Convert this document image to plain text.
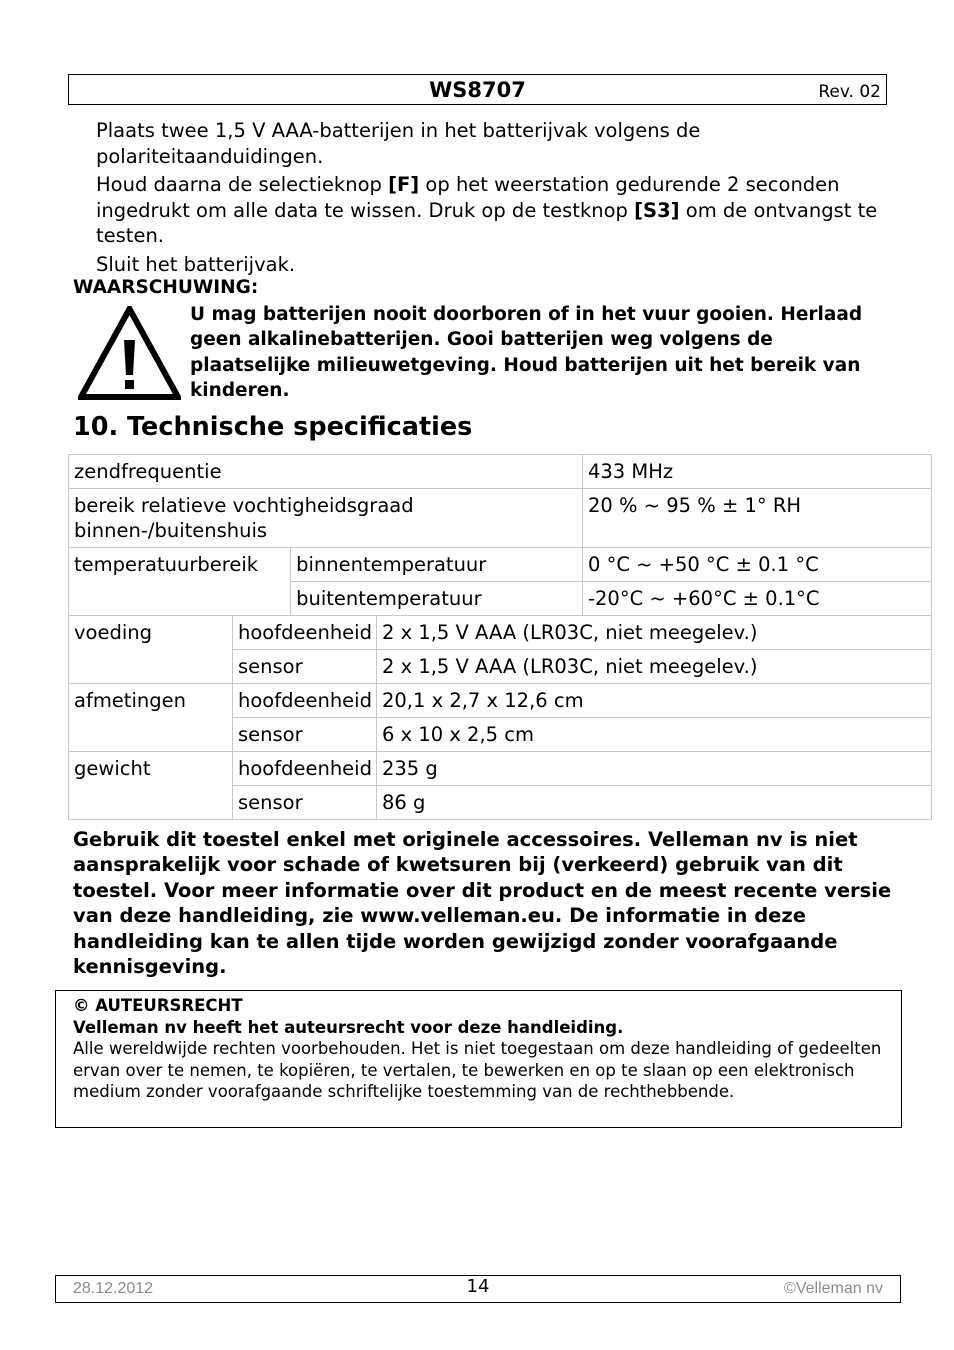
WS8707	Rev. 02
Plaats twee 1,5 V AAA-batterijen in het batterijvak volgens de polariteitaanduidingen.
Houd daarna de selectieknop [F] op het weerstation gedurende 2 seconden ingedrukt om alle data te wissen. Druk op de testknop [S3] om de ontvangst te testen.
Sluit het batterijvak.
WAARSCHUWING:
U mag batterijen nooit doorboren of in het vuur gooien. Herlaad geen alkalinebatterijen. Gooi batterijen weg volgens de plaatselijke milieuwetgeving. Houd batterijen uit het bereik van kinderen.
10. Technische specificaties
zendfrequentie				433 MHz
bereik relatieve vochtigheidsgraad binnen-/buitenshuis				20 % ~ 95 % ± 1° RH
temperatuurbereik		binnentemperatuur		0 °C ~ +50 °C ± 0.1 °C
		buitentemperatuur		-20°C ~ +60°C ± 0.1°C
voeding	hoofdeenheid		2 x 1,5 V AAA (LR03C, niet meegelev.)	
	sensor		2 x 1,5 V AAA (LR03C, niet meegelev.)	
afmetingen	hoofdeenheid		20,1 x 2,7 x 12,6 cm	
	sensor		6 x 10 x 2,5 cm	
gewicht	hoofdeenheid		235 g	
	sensor		86 g	
Gebruik dit toestel enkel met originele accessoires. Velleman nv is niet aansprakelijk voor schade of kwetsuren bij (verkeerd) gebruik van dit toestel. Voor meer informatie over dit product en de meest recente versie van deze handleiding, zie www.velleman.eu. De informatie in deze handleiding kan te allen tijde worden gewijzigd zonder voorafgaande kennisgeving.
© AUTEURSRECHT
Velleman nv heeft het auteursrecht voor deze handleiding.
Alle wereldwijde rechten voorbehouden. Het is niet toegestaan om deze handleiding of gedeelten ervan over te nemen, te kopiëren, te vertalen, te bewerken en op te slaan op een elektronisch medium zonder voorafgaande schriftelijke toestemming van de rechthebbende.
28.12.2012	14	©Velleman nv
